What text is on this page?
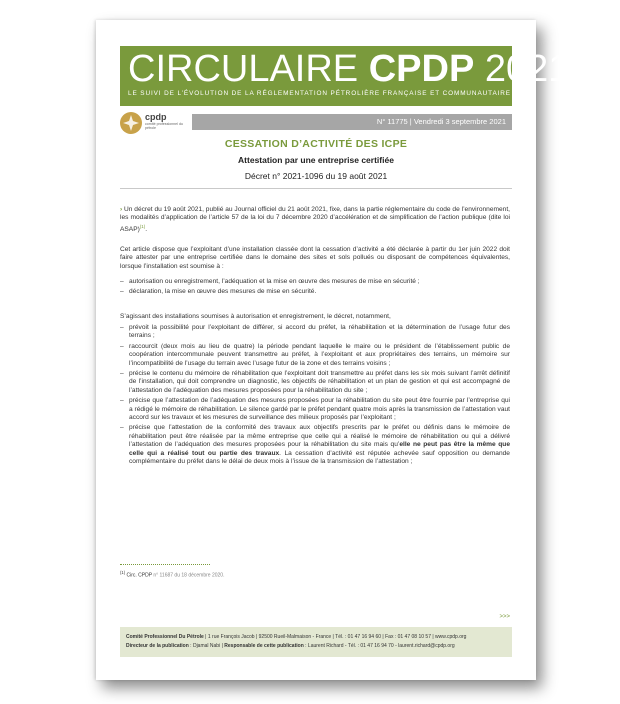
CIRCULAIRE CPDP 2021
LE SUIVI DE L’ÉVOLUTION DE LA RÉGLEMENTATION PÉTROLIÈRE FRANÇAISE ET COMMUNAUTAIRE
cpdp
comité professionnel du pétrole
N° 11775 | Vendredi 3 septembre 2021
CESSATION D’ACTIVITÉ DES ICPE
Attestation par une entreprise certifiée
Décret n° 2021-1096 du 19 août 2021
› Un décret du 19 août 2021, publié au Journal officiel du 21 août 2021, fixe, dans la partie réglementaire du code de l’environnement, les modalités d’application de l’article 57 de la loi du 7 décembre 2020 d’accélération et de simplification de l’action publique (dite loi ASAP)$^{(1)}$.
Cet article dispose que l’exploitant d’une installation classée dont la cessation d’activité a été déclarée à partir du 1er juin 2022 doit faire attester par une entreprise certifiée dans le domaine des sites et sols pollués ou disposant de compétences équivalentes, lorsque l’installation est soumise à :
– autorisation ou enregistrement, l’adéquation et la mise en œuvre des mesures de mise en sécurité ;
– déclaration, la mise en œuvre des mesures de mise en sécurité.
S’agissant des installations soumises à autorisation et enregistrement, le décret, notamment,
– prévoit la possibilité pour l’exploitant de différer, si accord du préfet, la réhabilitation et la détermination de l’usage futur des terrains ;
– raccourcit (deux mois au lieu de quatre) la période pendant laquelle le maire ou le président de l’établissement public de coopération intercommunale peuvent transmettre au préfet, à l’exploitant et aux propriétaires des terrains, un mémoire sur l’incompatibilité de l’usage du terrain avec l’usage futur de la zone et des terrains voisins ;
– précise le contenu du mémoire de réhabilitation que l’exploitant doit transmettre au préfet dans les six mois suivant l’arrêt définitif de l’installation, qui doit comprendre un diagnostic, les objectifs de réhabilitation et un plan de gestion et qui est accompagné de l’attestation de l’adéquation des mesures proposées pour la réhabilitation du site ;
– précise que l’attestation de l’adéquation des mesures proposées pour la réhabilitation du site peut être fournie par l’entreprise qui a rédigé le mémoire de réhabilitation. Le silence gardé par le préfet pendant quatre mois après la transmission de l’attestation vaut accord sur les travaux et les mesures de surveillance des milieux proposés par l’exploitant ;
– précise que l’attestation de la conformité des travaux aux objectifs prescrits par le préfet ou définis dans le mémoire de réhabilitation peut être réalisée par la même entreprise que celle qui a réalisé le mémoire de réhabilitation ou qui a délivré l’attestation de l’adéquation des mesures proposées pour la réhabilitation du site mais qu’elle ne peut pas être la même que celle qui a réalisé tout ou partie des travaux. La cessation d’activité est réputée achevée sauf opposition ou demande complémentaire du préfet dans le délai de deux mois à l’issue de la transmission de l’attestation ;
$^{(1)}$ Circ. CPDP n° 11687 du 18 décembre 2020.
>>>
Comité Professionnel Du Pétrole | 1 rue François Jacob | 92500 Rueil-Malmaison - France | Tél. : 01 47 16 94 60 | Fax : 01 47 08 10 57 | www.cpdp.org
Directeur de la publication : Djamal Nabi | Responsable de cette publication : Laurent Richard - Tél. : 01 47 16 94 70 - laurent.richard@cpdp.org
